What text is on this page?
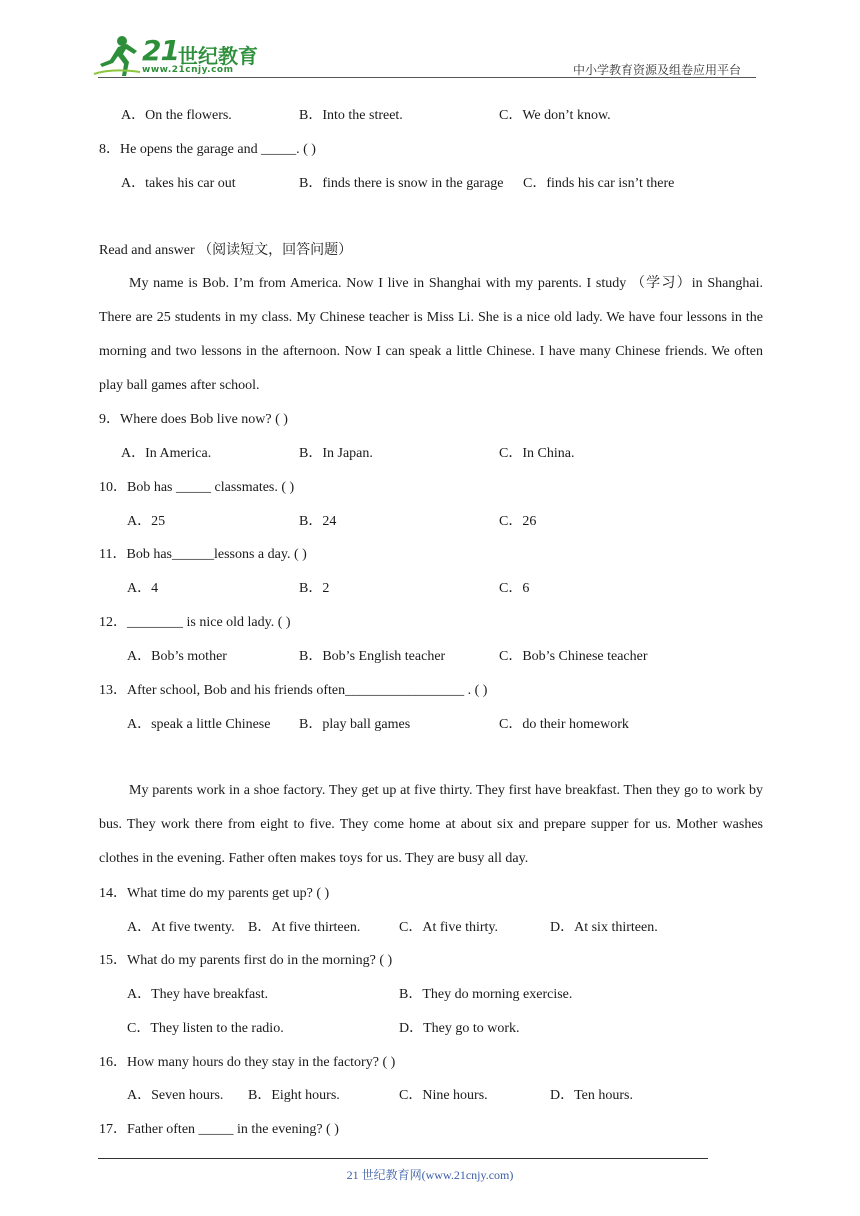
21 世纪教育
www.21cnjy.com	中小学教育资源及组卷应用平台
A．On the flowers.	B．Into the street.	C．We don’t know.
8．He opens the garage and _____. ( )
A．takes his car out	B．finds there is snow in the garage C．finds his car isn’t there
Read and answer （阅读短文，回答问题）
My name is Bob. I’m from America. Now I live in Shanghai with my parents. I study （学习）in Shanghai. There are 25 students in my class. My Chinese teacher is Miss Li. She is a nice old lady. We have four lessons in the morning and two lessons in the afternoon. Now I can speak a little Chinese. I have many Chinese friends. We often play ball games after school.
9．Where does Bob live now? ( )
A．In America.	B．In Japan.	C．In China.
10．Bob has _____ classmates. ( )
A．25	B．24	C．26
11．Bob has______lessons a day. ( )
A．4	B．2	C．6
12．________ is nice old lady. ( )
A．Bob’s mother	B．Bob’s English teacher	C．Bob’s Chinese teacher
13．After school, Bob and his friends often_________________ . ( )
A．speak a little Chinese B．play ball games	C．do their homework
My parents work in a shoe factory. They get up at five thirty. They first have breakfast. Then they go to work by bus. They work there from eight to five. They come home at about six and prepare supper for us. Mother washes clothes in the evening. Father often makes toys for us. They are busy all day.
14．What time do my parents get up? ( )
A．At five twenty. B．At five thirteen.	C．At five thirty.	D．At six thirteen.
15．What do my parents first do in the morning? ( )
A．They have breakfast.	B．They do morning exercise.
C．They listen to the radio.	D．They go to work.
16．How many hours do they stay in the factory? ( )
A．Seven hours. B．Eight hours.	C．Nine hours.	D．Ten hours.
17．Father often _____ in the evening? ( )
21 世纪教育网(www.21cnjy.com)
